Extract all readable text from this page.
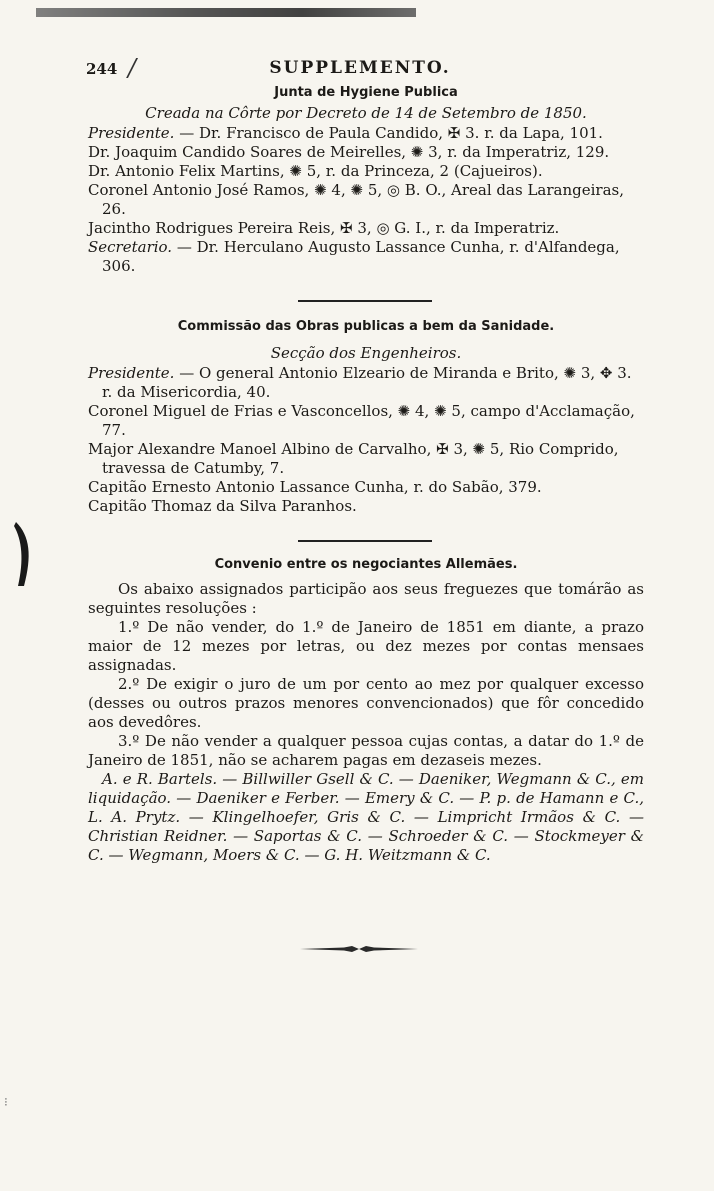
244 /	SUPPLEMENTO.

Junta de Hygiene Publica

Creada na Côrte por Decreto de 14 de Setembro de 1850.

Presidente. — Dr. Francisco de Paula Candido, ✠ 3. r. da Lapa, 101.

Dr. Joaquim Candido Soares de Meirelles, ✺ 3, r. da Imperatriz, 129.

Dr. Antonio Felix Martins, ✺ 5, r. da Princeza, 2 (Cajueiros).

Coronel Antonio José Ramos, ✺ 4, ✺ 5, ◎ B. O., Areal das Larangeiras, 26.

Jacintho Rodrigues Pereira Reis, ✠ 3, ◎ G. I., r. da Imperatriz.

Secretario. — Dr. Herculano Augusto Lassance Cunha, r. d'Alfandega, 306.

Commissão das Obras publicas a bem da Sanidade.

Secção dos Engenheiros.

Presidente. — O general Antonio Elzeario de Miranda e Brito, ✺ 3, ✥ 3. r. da Misericordia, 40.

Coronel Miguel de Frias e Vasconcellos, ✺ 4, ✺ 5, campo d'Acclamação, 77.

Major Alexandre Manoel Albino de Carvalho, ✠ 3, ✺ 5, Rio Comprido, travessa de Catumby, 7.

Capitão Ernesto Antonio Lassance Cunha, r. do Sabão, 379.

Capitão Thomaz da Silva Paranhos.

Convenio entre os negociantes Allemães.

Os abaixo assignados participão aos seus freguezes que tomárão as seguintes resoluções :

1.º De não vender, do 1.º de Janeiro de 1851 em diante, a prazo maior de 12 mezes por letras, ou dez mezes por contas mensaes assignadas.

2.º De exigir o juro de um por cento ao mez por qualquer excesso (desses ou outros prazos menores convencionados) que fôr concedido aos devedôres.

3.º De não vender a qualquer pessoa cujas contas, a datar do 1.º de Janeiro de 1851, não se acharem pagas em dezaseis mezes.

A. e R. Bartels. — Billwiller Gsell & C. — Daeniker, Wegmann & C., em liquidação. — Daeniker e Ferber. — Emery & C. — P. p. de Hamann e C., L. A. Prytz. — Klingelhoefer, Gris & C. — Limpricht Irmãos & C. — Christian Reidner. — Saportas & C. — Schroeder & C. — Stockmeyer & C. — Wegmann, Moers & C. — G. H. Weitzmann & C.

⁝
